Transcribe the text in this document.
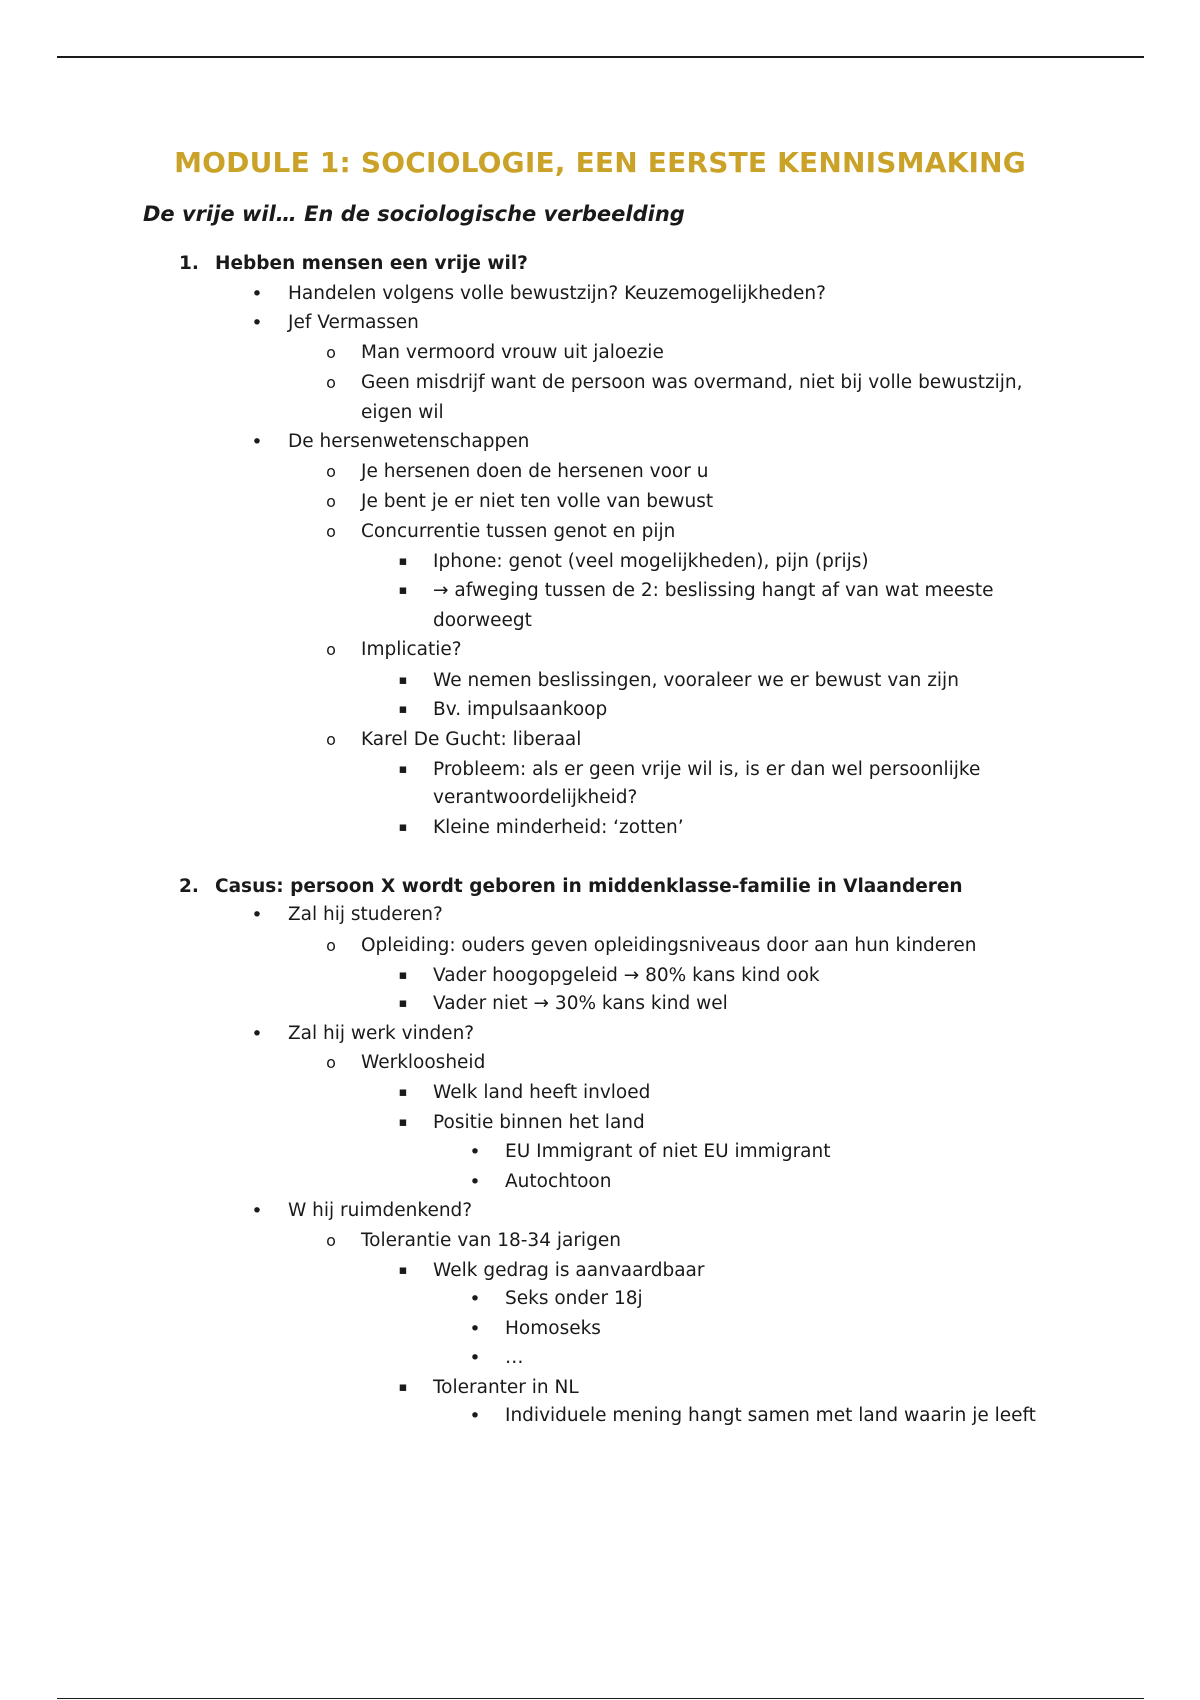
MODULE 1: SOCIOLOGIE, EEN EERSTE KENNISMAKING
De vrije wil… En de sociologische verbeelding
1. Hebben mensen een vrije wil?
•	Handelen volgens volle bewustzijn? Keuzemogelijkheden?
•	Jef Vermassen
o	Man vermoord vrouw uit jaloezie
o	Geen misdrijf want de persoon was overmand, niet bij volle bewustzijn,
eigen wil
•	De hersenwetenschappen
o	Je hersenen doen de hersenen voor u
o	Je bent je er niet ten volle van bewust
o	Concurrentie tussen genot en pijn
▪	Iphone: genot (veel mogelijkheden), pijn (prijs)
▪	→ afweging tussen de 2: beslissing hangt af van wat meeste
doorweegt
o	Implicatie?
▪	We nemen beslissingen, vooraleer we er bewust van zijn
▪	Bv. impulsaankoop
o	Karel De Gucht: liberaal
▪	Probleem: als er geen vrije wil is, is er dan wel persoonlijke
verantwoordelijkheid?
▪	Kleine minderheid: ‘zotten’
2. Casus: persoon X wordt geboren in middenklasse-familie in Vlaanderen
•	Zal hij studeren?
o	Opleiding: ouders geven opleidingsniveaus door aan hun kinderen
▪	Vader hoogopgeleid → 80% kans kind ook
▪	Vader niet → 30% kans kind wel
•	Zal hij werk vinden?
o	Werkloosheid
▪	Welk land heeft invloed
▪	Positie binnen het land
•	EU Immigrant of niet EU immigrant
•	Autochtoon
•	W hij ruimdenkend?
o	Tolerantie van 18-34 jarigen
▪	Welk gedrag is aanvaardbaar
•	Seks onder 18j
•	Homoseks
•	…
▪	Toleranter in NL
•	Individuele mening hangt samen met land waarin je leeft
